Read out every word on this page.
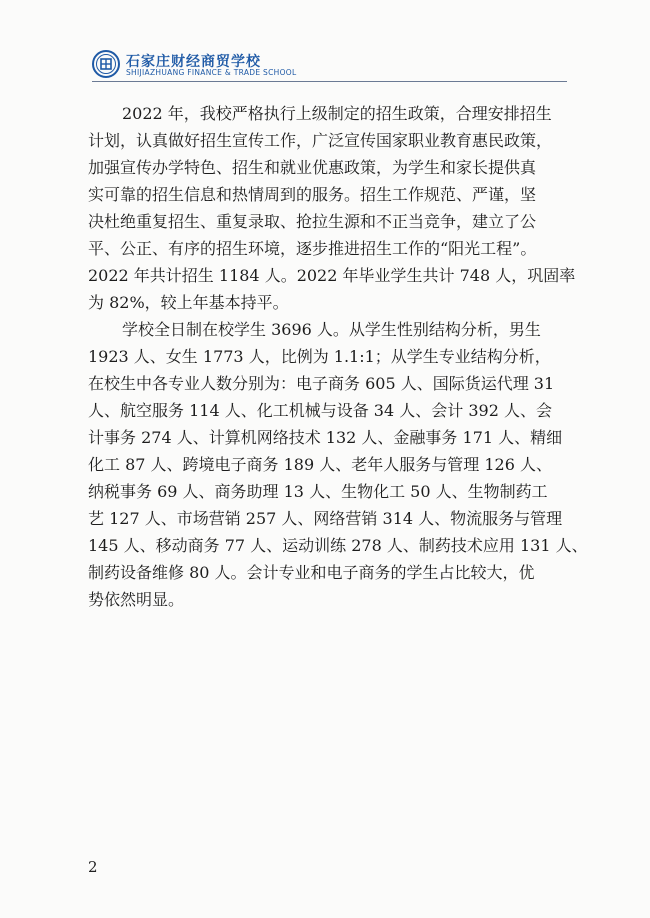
石家庄财经商贸学校
SHIJIAZHUANG FINANCE & TRADE SCHOOL
2022 年，我校严格执行上级制定的招生政策，合理安排招生
计划，认真做好招生宣传工作，广泛宣传国家职业教育惠民政策，
加强宣传办学特色、招生和就业优惠政策，为学生和家长提供真
实可靠的招生信息和热情周到的服务。招生工作规范、严谨，坚
决杜绝重复招生、重复录取、抢拉生源和不正当竞争，建立了公
平、公正、有序的招生环境，逐步推进招生工作的“阳光工程”。
2022 年共计招生 1184 人。2022 年毕业学生共计 748 人，巩固率
为 82%，较上年基本持平。
学校全日制在校学生 3696 人。从学生性别结构分析，男生
1923 人、女生 1773 人，比例为 1.1:1；从学生专业结构分析，
在校生中各专业人数分别为：电子商务 605 人、国际货运代理 31
人、航空服务 114 人、化工机械与设备 34 人、会计 392 人、会
计事务 274 人、计算机网络技术 132 人、金融事务 171 人、精细
化工 87 人、跨境电子商务 189 人、老年人服务与管理 126 人、
纳税事务 69 人、商务助理 13 人、生物化工 50 人、生物制药工
艺 127 人、市场营销 257 人、网络营销 314 人、物流服务与管理
145 人、移动商务 77 人、运动训练 278 人、制药技术应用 131 人、
制药设备维修 80 人。会计专业和电子商务的学生占比较大，优
势依然明显。
2
